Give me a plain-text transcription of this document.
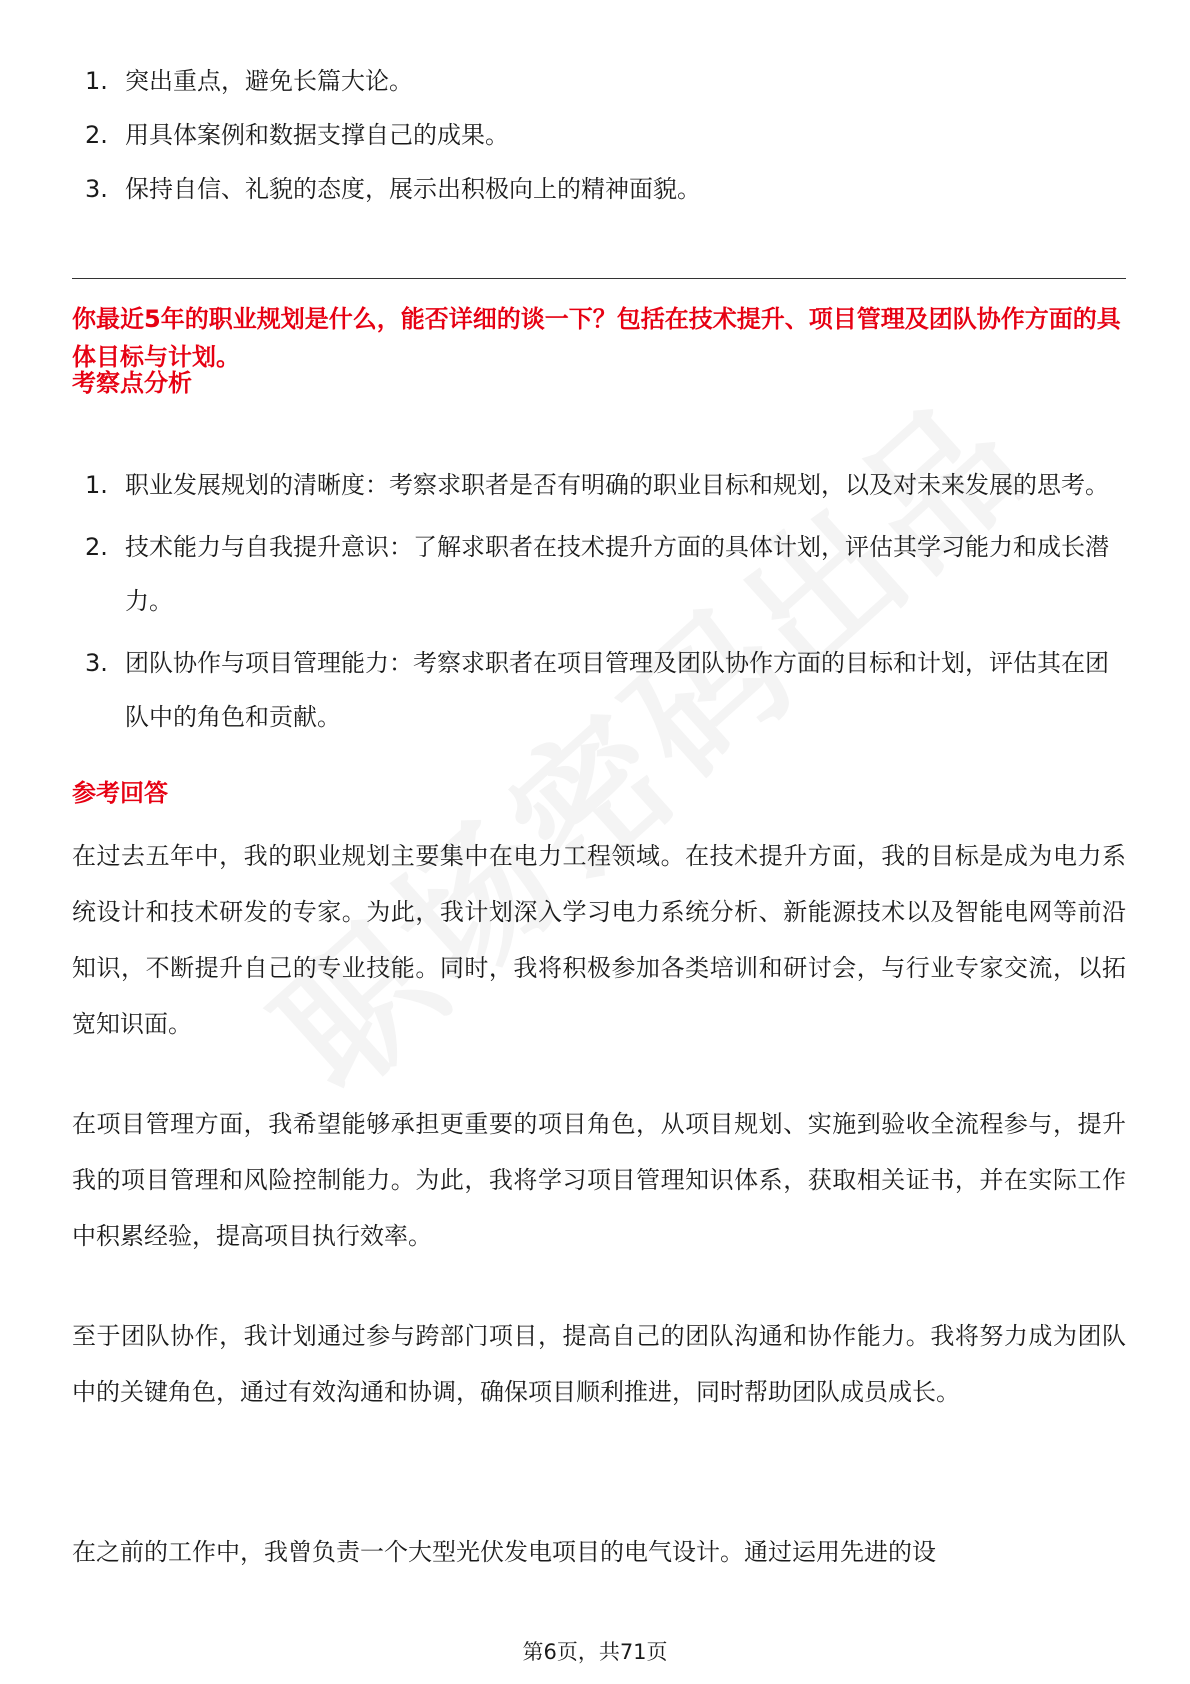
1. 突出重点，避免长篇大论。
2. 用具体案例和数据支撑自己的成果。
3. 保持自信、礼貌的态度，展示出积极向上的精神面貌。
你最近5年的职业规划是什么，能否详细的谈一下？包括在技术提升、项目管理及团队协作方面的具体目标与计划。
考察点分析
1. 职业发展规划的清晰度：考察求职者是否有明确的职业目标和规划，以及对未来发展的思考。
2. 技术能力与自我提升意识：了解求职者在技术提升方面的具体计划，评估其学习能力和成长潜力。
3. 团队协作与项目管理能力：考察求职者在项目管理及团队协作方面的目标和计划，评估其在团队中的角色和贡献。
参考回答

在过去五年中，我的职业规划主要集中在电力工程领域。在技术提升方面，我的目标是成为电力系统设计和技术研发的专家。为此，我计划深入学习电力系统分析、新能源技术以及智能电网等前沿知识，不断提升自己的专业技能。同时，我将积极参加各类培训和研讨会，与行业专家交流，以拓宽知识面。

在项目管理方面，我希望能够承担更重要的项目角色，从项目规划、实施到验收全流程参与，提升我的项目管理和风险控制能力。为此，我将学习项目管理知识体系，获取相关证书，并在实际工作中积累经验，提高项目执行效率。

至于团队协作，我计划通过参与跨部门项目，提高自己的团队沟通和协作能力。我将努力成为团队中的关键角色，通过有效沟通和协调，确保项目顺利推进，同时帮助团队成员成长。

在之前的工作中，我曾负责一个大型光伏发电项目的电气设计。通过运用先进的设

第6页，共71页
